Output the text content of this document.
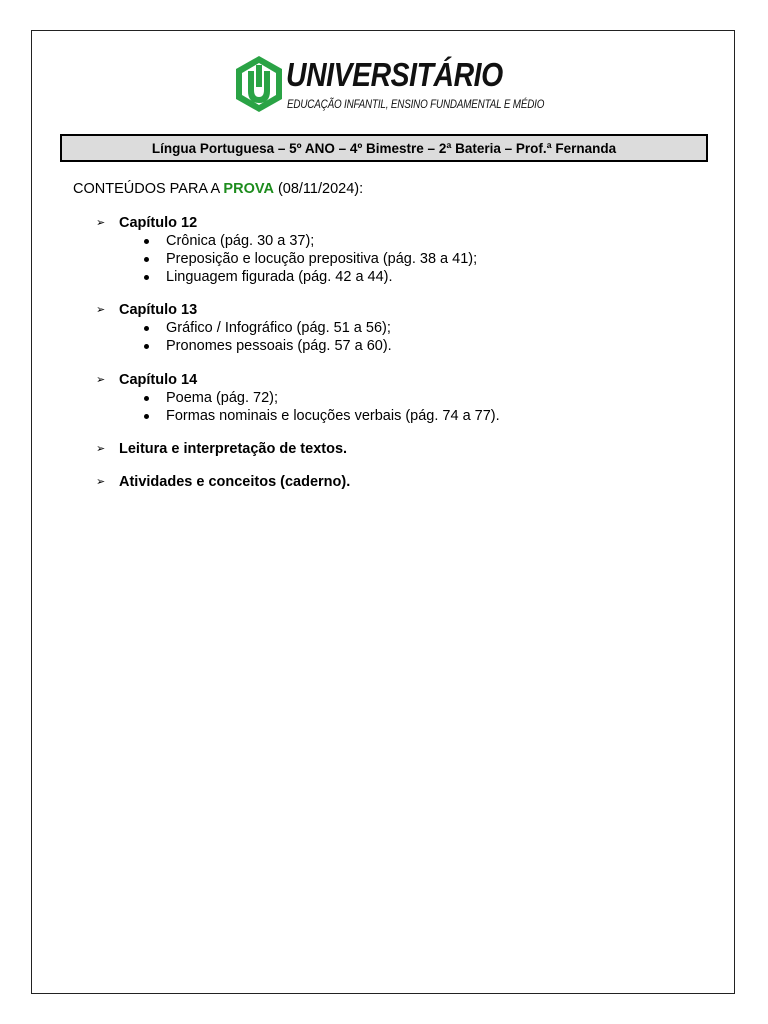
UNIVERSITÁRIO
EDUCAÇÃO INFANTIL, ENSINO FUNDAMENTAL E MÉDIO
Língua Portuguesa – 5º ANO – 4º Bimestre – 2ª Bateria – Prof.ª Fernanda
CONTEÚDOS PARA A PROVA (08/11/2024):
➢ Capítulo 12
Crônica (pág. 30 a 37);
Preposição e locução prepositiva (pág. 38 a 41);
Linguagem figurada (pág. 42 a 44).
➢ Capítulo 13
Gráfico / Infográfico (pág. 51 a 56);
Pronomes pessoais (pág. 57 a 60).
➢ Capítulo 14
Poema (pág. 72);
Formas nominais e locuções verbais (pág. 74 a 77).
➢ Leitura e interpretação de textos.
➢ Atividades e conceitos (caderno).
